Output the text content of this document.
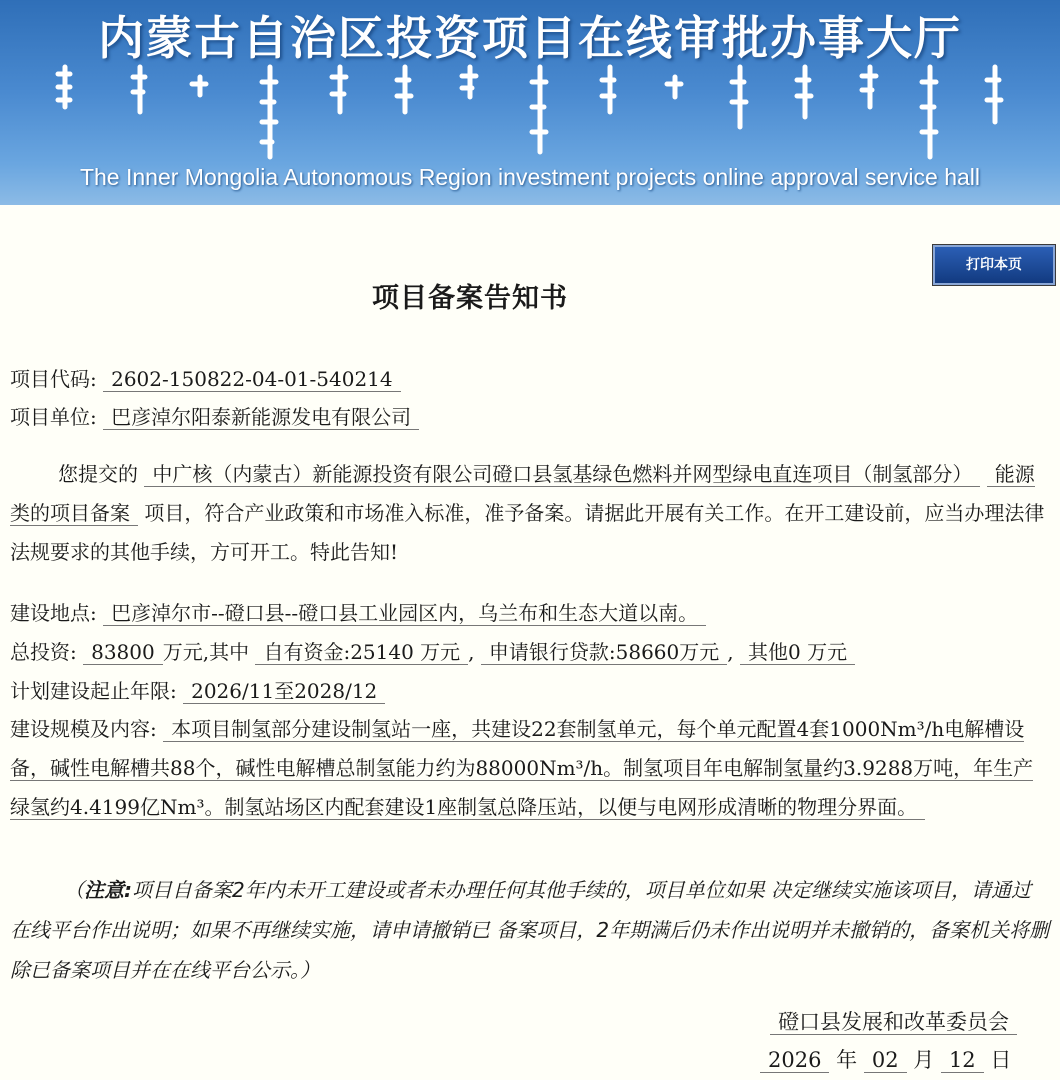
内蒙古自治区投资项目在线审批办事大厅
The Inner Mongolia Autonomous Region investment projects online approval service hall
打印本页
项目备案告知书
项目代码: 2602-150822-04-01-540214
项目单位: 巴彦淖尔阳泰新能源发电有限公司
您提交的 中广核（内蒙古）新能源投资有限公司磴口县氢基绿色燃料并网型绿电直连项目（制氢部分） 能源类的项目备案 项目，符合产业政策和市场准入标准，准予备案。请据此开展有关工作。在开工建设前，应当办理法律法规要求的其他手续，方可开工。特此告知!
建设地点: 巴彦淖尔市--磴口县--磴口县工业园区内，乌兰布和生态大道以南。
总投资: 83800 万元,其中 自有资金:25140 万元 , 申请银行贷款:58660万元 , 其他0 万元
计划建设起止年限: 2026/11至2028/12
建设规模及内容: 本项目制氢部分建设制氢站一座，共建设22套制氢单元，每个单元配置4套1000Nm³/h电解槽设备，碱性电解槽共88个，碱性电解槽总制氢能力约为88000Nm³/h。制氢项目年电解制氢量约3.9288万吨，年生产绿氢约4.4199亿Nm³。制氢站场区内配套建设1座制氢总降压站，以便与电网形成清晰的物理分界面。
（注意:项目自备案2年内未开工建设或者未办理任何其他手续的，项目单位如果 决定继续实施该项目，请通过在线平台作出说明；如果不再继续实施，请申请撤销已 备案项目，2年期满后仍未作出说明并未撤销的，备案机关将删除已备案项目并在在线平台公示。）
磴口县发展和改革委员会
2026 年 02 月 12 日
